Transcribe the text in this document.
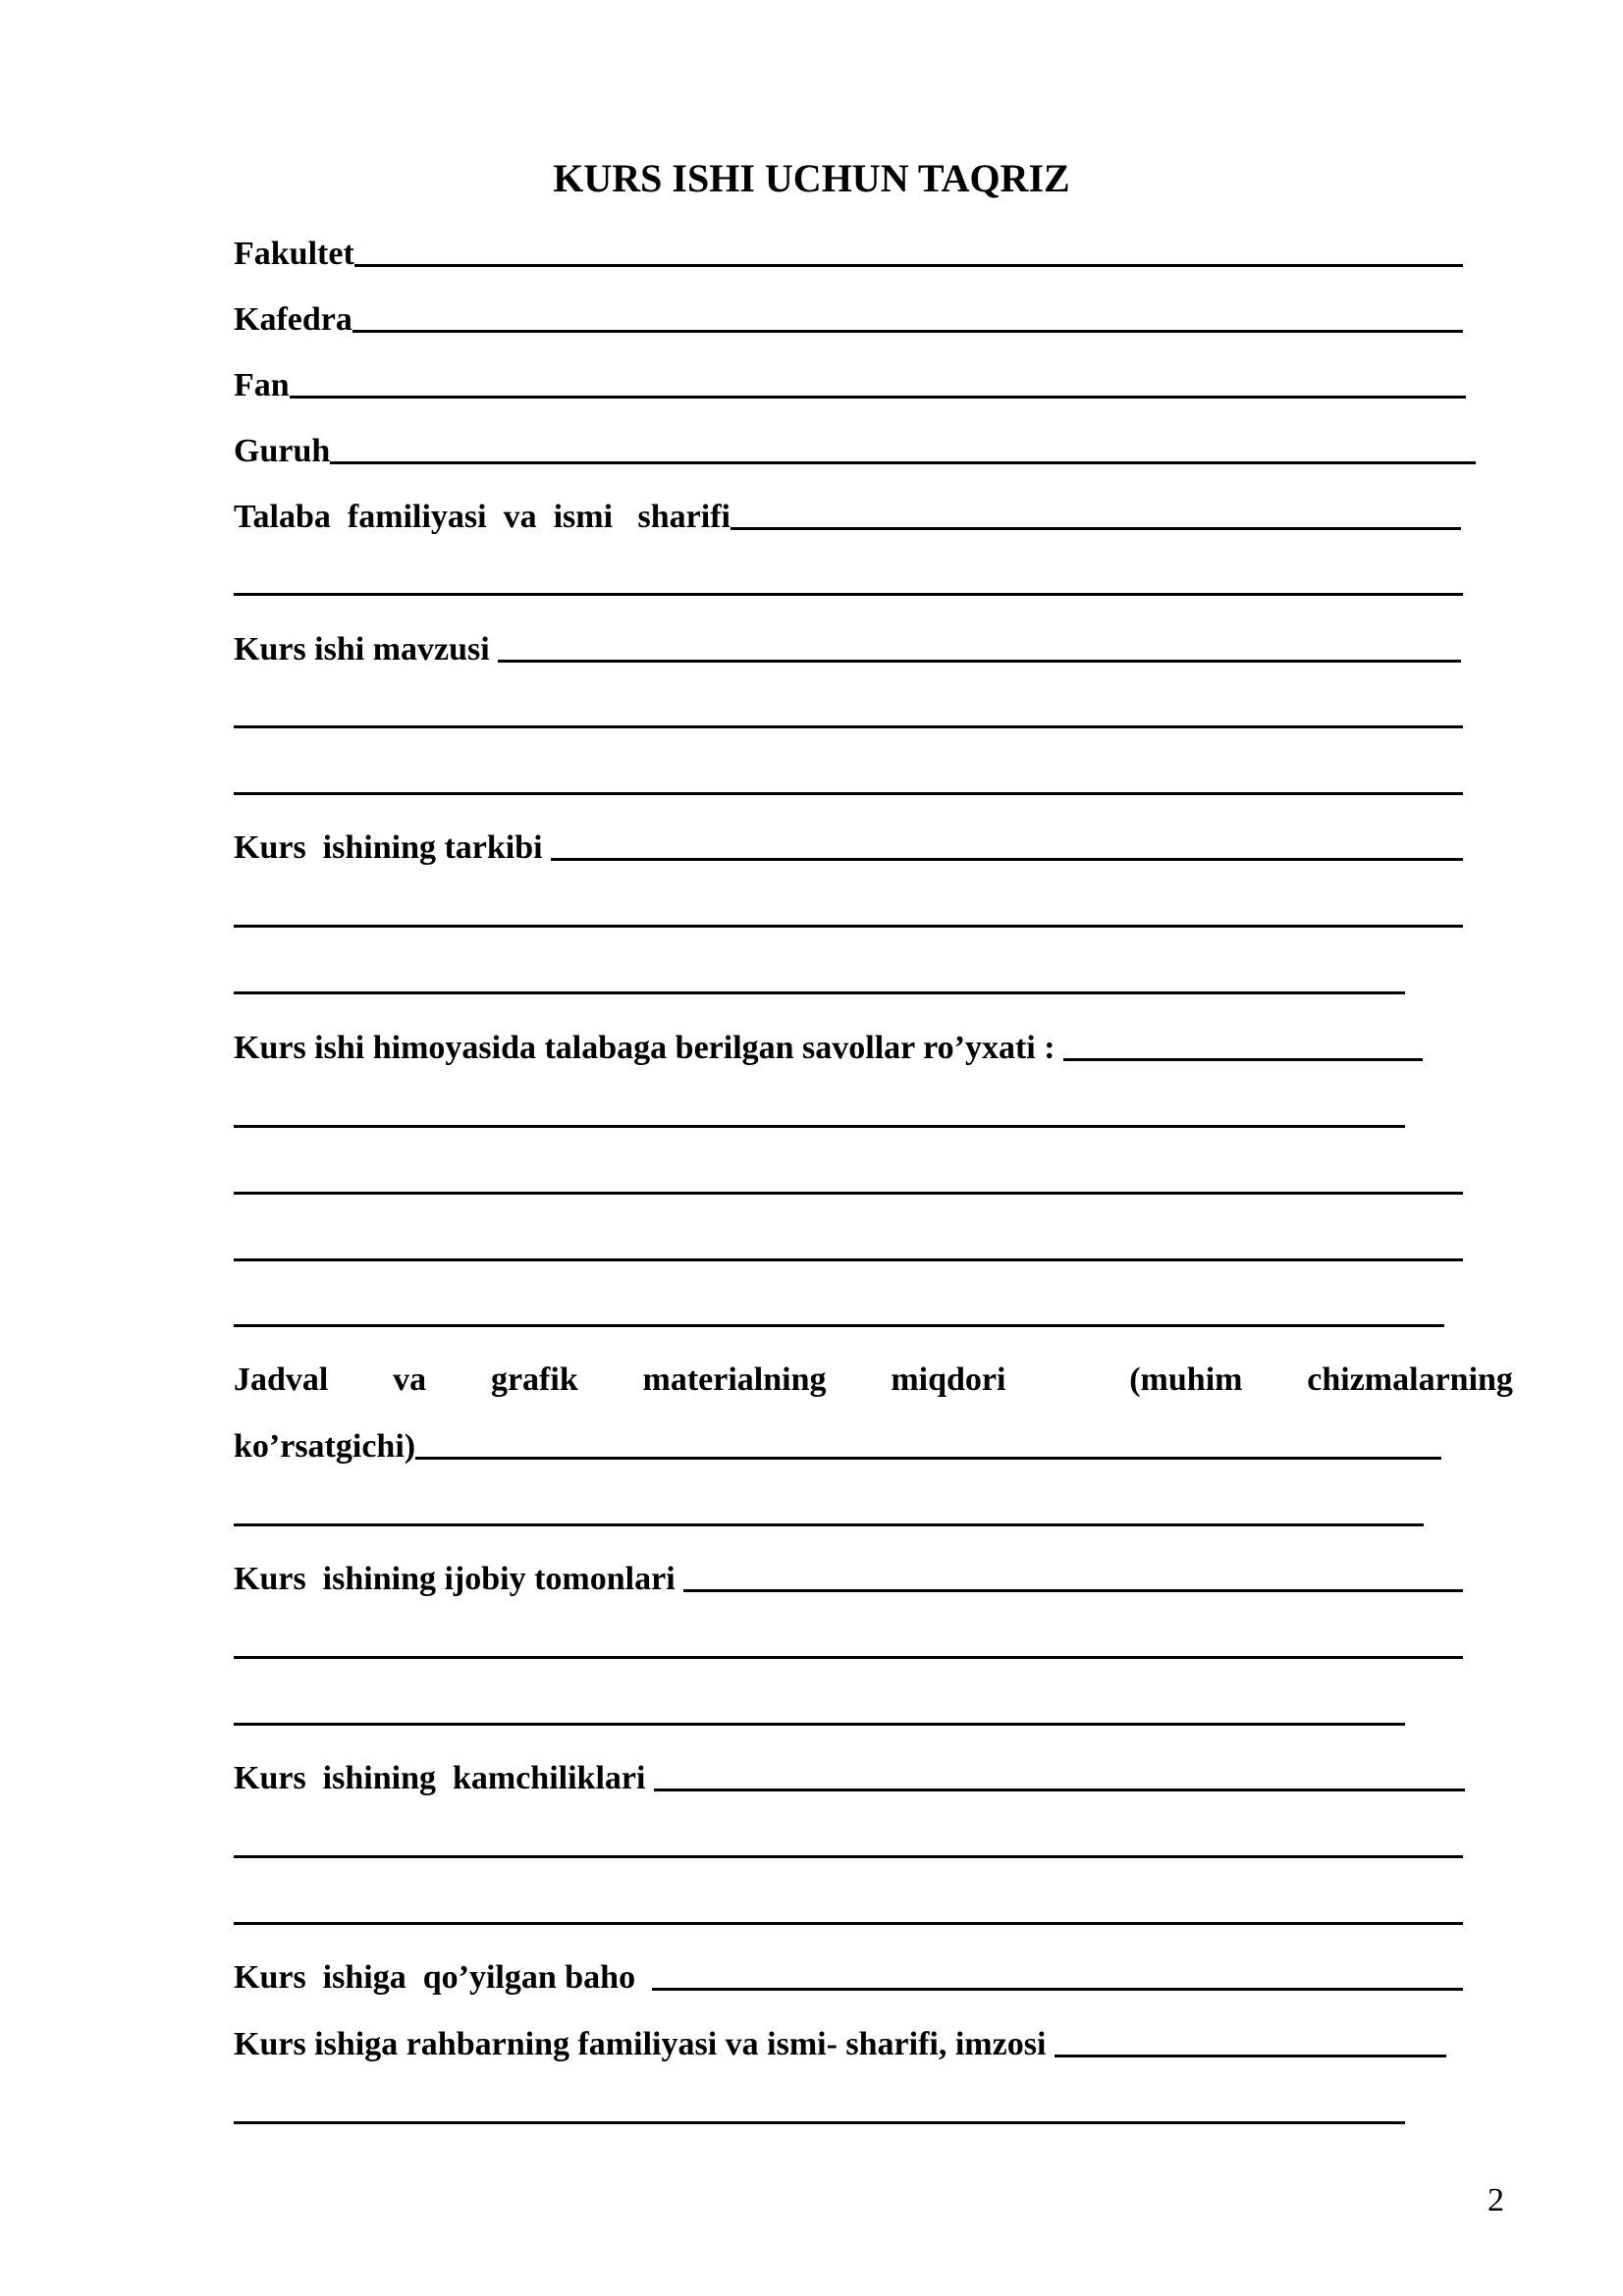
KURS ISHI UCHUN TAQRIZ
Fakultet
Kafedra
Fan
Guruh
Talaba  familiyasi  va  ismi   sharifi
Kurs ishi mavzusi
Kurs  ishining tarkibi
Kurs ishi himoyasida talabaga berilgan savollar ro’yxati :
Jadval va grafik materialning miqdori	(muhim chizmalarning
ko’rsatgichi)
Kurs  ishining ijobiy tomonlari
Kurs  ishining  kamchiliklari
Kurs  ishiga  qo’yilgan baho
Kurs ishiga rahbarning familiyasi va ismi- sharifi, imzosi
2
